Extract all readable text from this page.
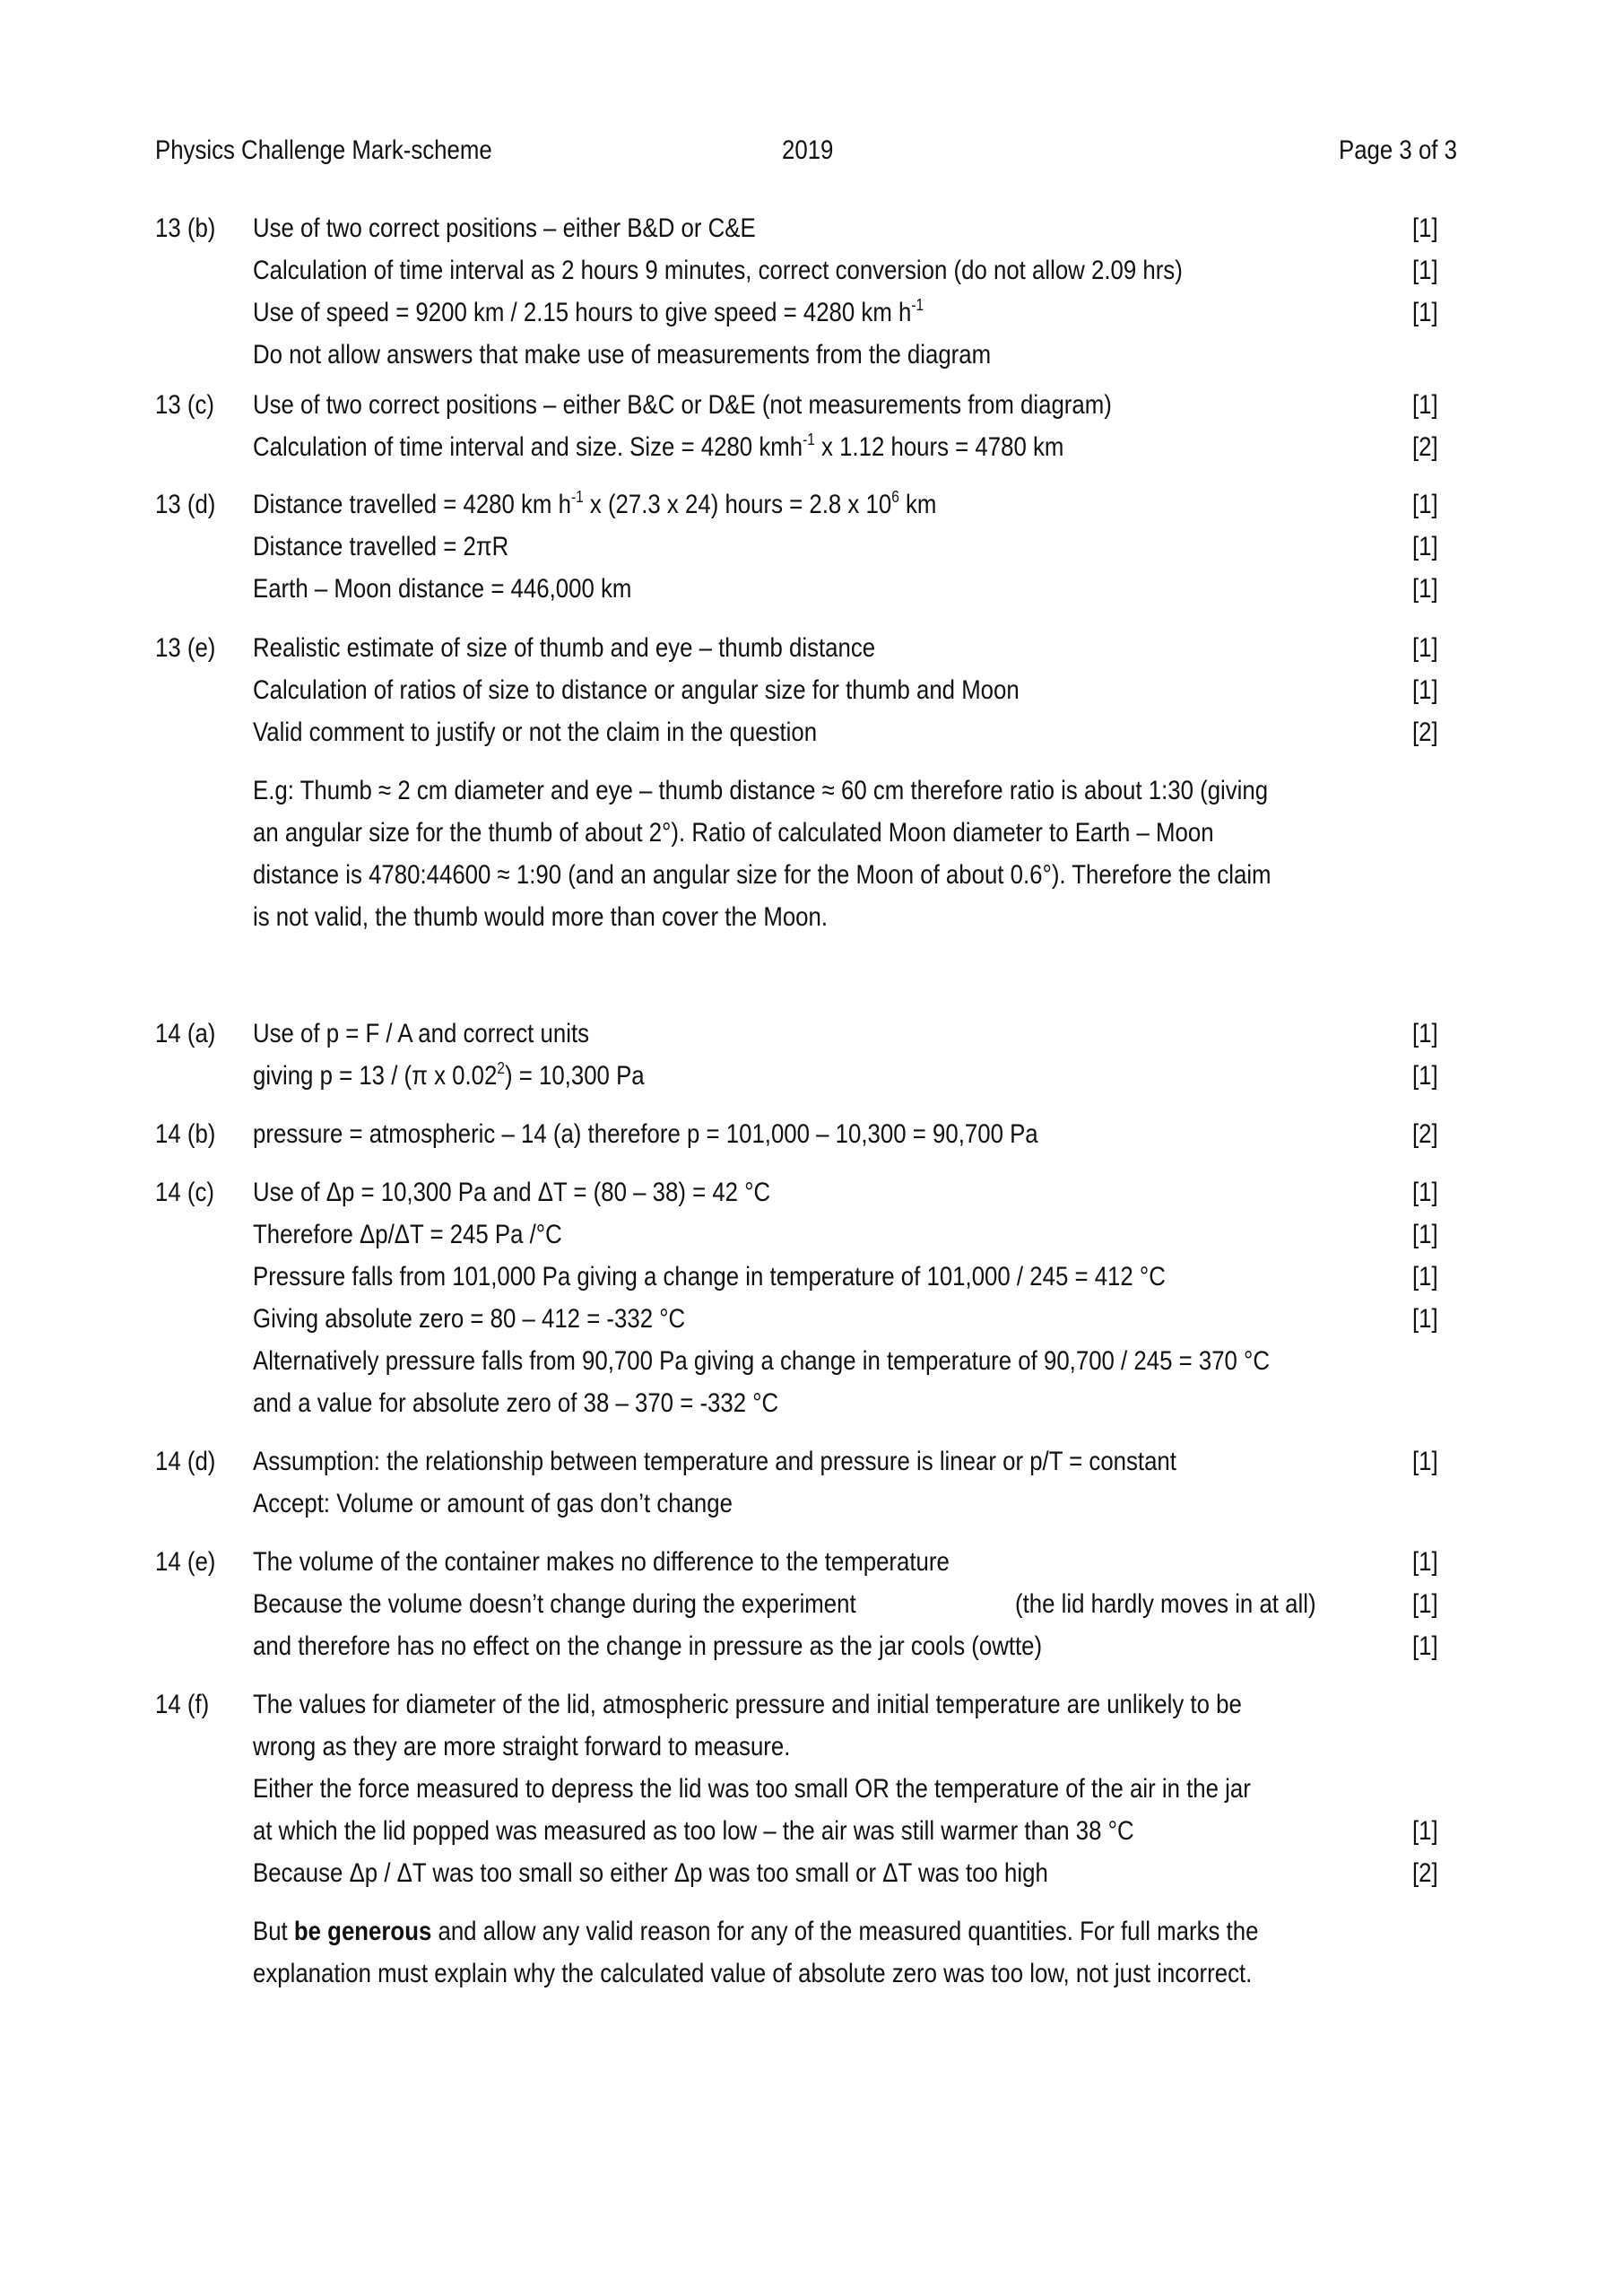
Physics Challenge Mark-scheme	2019	Page 3 of 3
13 (b) Use of two correct positions – either B&D or C&E	[1]
Calculation of time interval as 2 hours 9 minutes, correct conversion (do not allow 2.09 hrs)	[1]
Use of speed = 9200 km / 2.15 hours to give speed = 4280 km $h^{-1}$	[1]
Do not allow answers that make use of measurements from the diagram
13 (c) Use of two correct positions – either B&C or D&E (not measurements from diagram)	[1]
Calculation of time interval and size. Size = 4280 kmh$^{-1}$ x 1.12 hours = 4780 km	[2]
13 (d) Distance travelled = 4280 km $h^{-1}$ x (27.3 x 24) hours = 2.8 x $10^6$ km	[1]
Distance travelled = 2πR	[1]
Earth – Moon distance = 446,000 km	[1]
13 (e) Realistic estimate of size of thumb and eye – thumb distance	[1]
Calculation of ratios of size to distance or angular size for thumb and Moon	[1]
Valid comment to justify or not the claim in the question	[2]
E.g: Thumb ≈ 2 cm diameter and eye – thumb distance ≈ 60 cm therefore ratio is about 1:30 (giving
an angular size for the thumb of about 2°). Ratio of calculated Moon diameter to Earth – Moon
distance is 4780:44600 ≈ 1:90 (and an angular size for the Moon of about 0.6°). Therefore the claim
is not valid, the thumb would more than cover the Moon.
14 (a) Use of p = F / A and correct units	[1]
giving p = 13 / (π x $0.02^2) = 10,300$ Pa	[1]
14 (b) pressure = atmospheric – 14 (a) therefore p = 101,000 – 10,300 = 90,700 Pa	[2]
14 (c) Use of Δp = 10,300 Pa and ΔT = (80 – 38) = 42 °C	[1]
Therefore Δp/ΔT = 245 Pa /°C	[1]
Pressure falls from 101,000 Pa giving a change in temperature of 101,000 / 245 = 412 °C	[1]
Giving absolute zero = 80 – 412 = -332 °C	[1]
Alternatively pressure falls from 90,700 Pa giving a change in temperature of 90,700 / 245 = 370 °C
and a value for absolute zero of 38 – 370 = -332 °C
14 (d) Assumption: the relationship between temperature and pressure is linear or p/T = constant	[1]
Accept: Volume or amount of gas don’t change
14 (e) The volume of the container makes no difference to the temperature	[1]
Because the volume doesn’t change during the experiment	(the lid hardly moves in at all)	[1]
and therefore has no effect on the change in pressure as the jar cools (owtte)	[1]
14 (f) The values for diameter of the lid, atmospheric pressure and initial temperature are unlikely to be
wrong as they are more straight forward to measure.
Either the force measured to depress the lid was too small OR the temperature of the air in the jar
at which the lid popped was measured as too low – the air was still warmer than 38 °C	[1]
Because Δp / ΔT was too small so either Δp was too small or ΔT was too high	[2]
But be generous and allow any valid reason for any of the measured quantities. For full marks the
explanation must explain why the calculated value of absolute zero was too low, not just incorrect.
